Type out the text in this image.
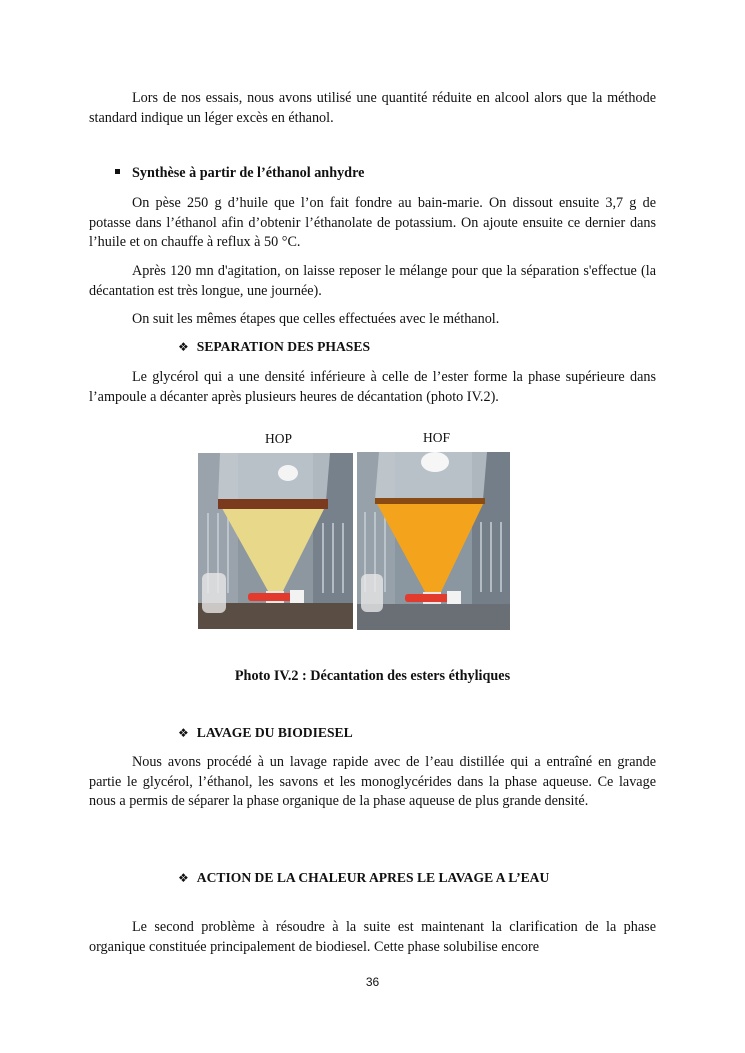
Lors de nos essais, nous avons utilisé une quantité réduite en alcool alors que la méthode standard indique un léger excès en éthanol.

Synthèse à partir de l’éthanol anhydre

On pèse 250 g d’huile que l’on fait fondre au bain-marie. On dissout ensuite 3,7 g de potasse dans l’éthanol afin d’obtenir l’éthanolate de potassium. On ajoute ensuite ce dernier dans l’huile et on chauffe à reflux à 50 °C.

Après 120 mn d'agitation, on laisse reposer le mélange pour que la séparation s'effectue (la décantation est très longue, une journée).

On suit les mêmes étapes que celles effectuées avec le méthanol.

❖ SEPARATION DES PHASES

Le glycérol qui a une densité inférieure à celle de l’ester forme la phase supérieure dans l’ampoule a décanter après plusieurs heures de décantation (photo IV.2).

HOP	HOF
Photo IV.2 : Décantation des esters éthyliques
❖ LAVAGE DU BIODIESEL

Nous avons procédé à un lavage rapide avec de l’eau distillée qui a entraîné en grande partie le glycérol, l’éthanol, les savons et les monoglycérides dans la phase aqueuse. Ce lavage nous a permis de séparer la phase organique de la phase aqueuse de plus grande densité.

❖ ACTION DE LA CHALEUR APRES LE LAVAGE A L’EAU

Le second problème à résoudre à la suite est maintenant la clarification de la phase organique constituée principalement de biodiesel. Cette phase solubilise encore

36
